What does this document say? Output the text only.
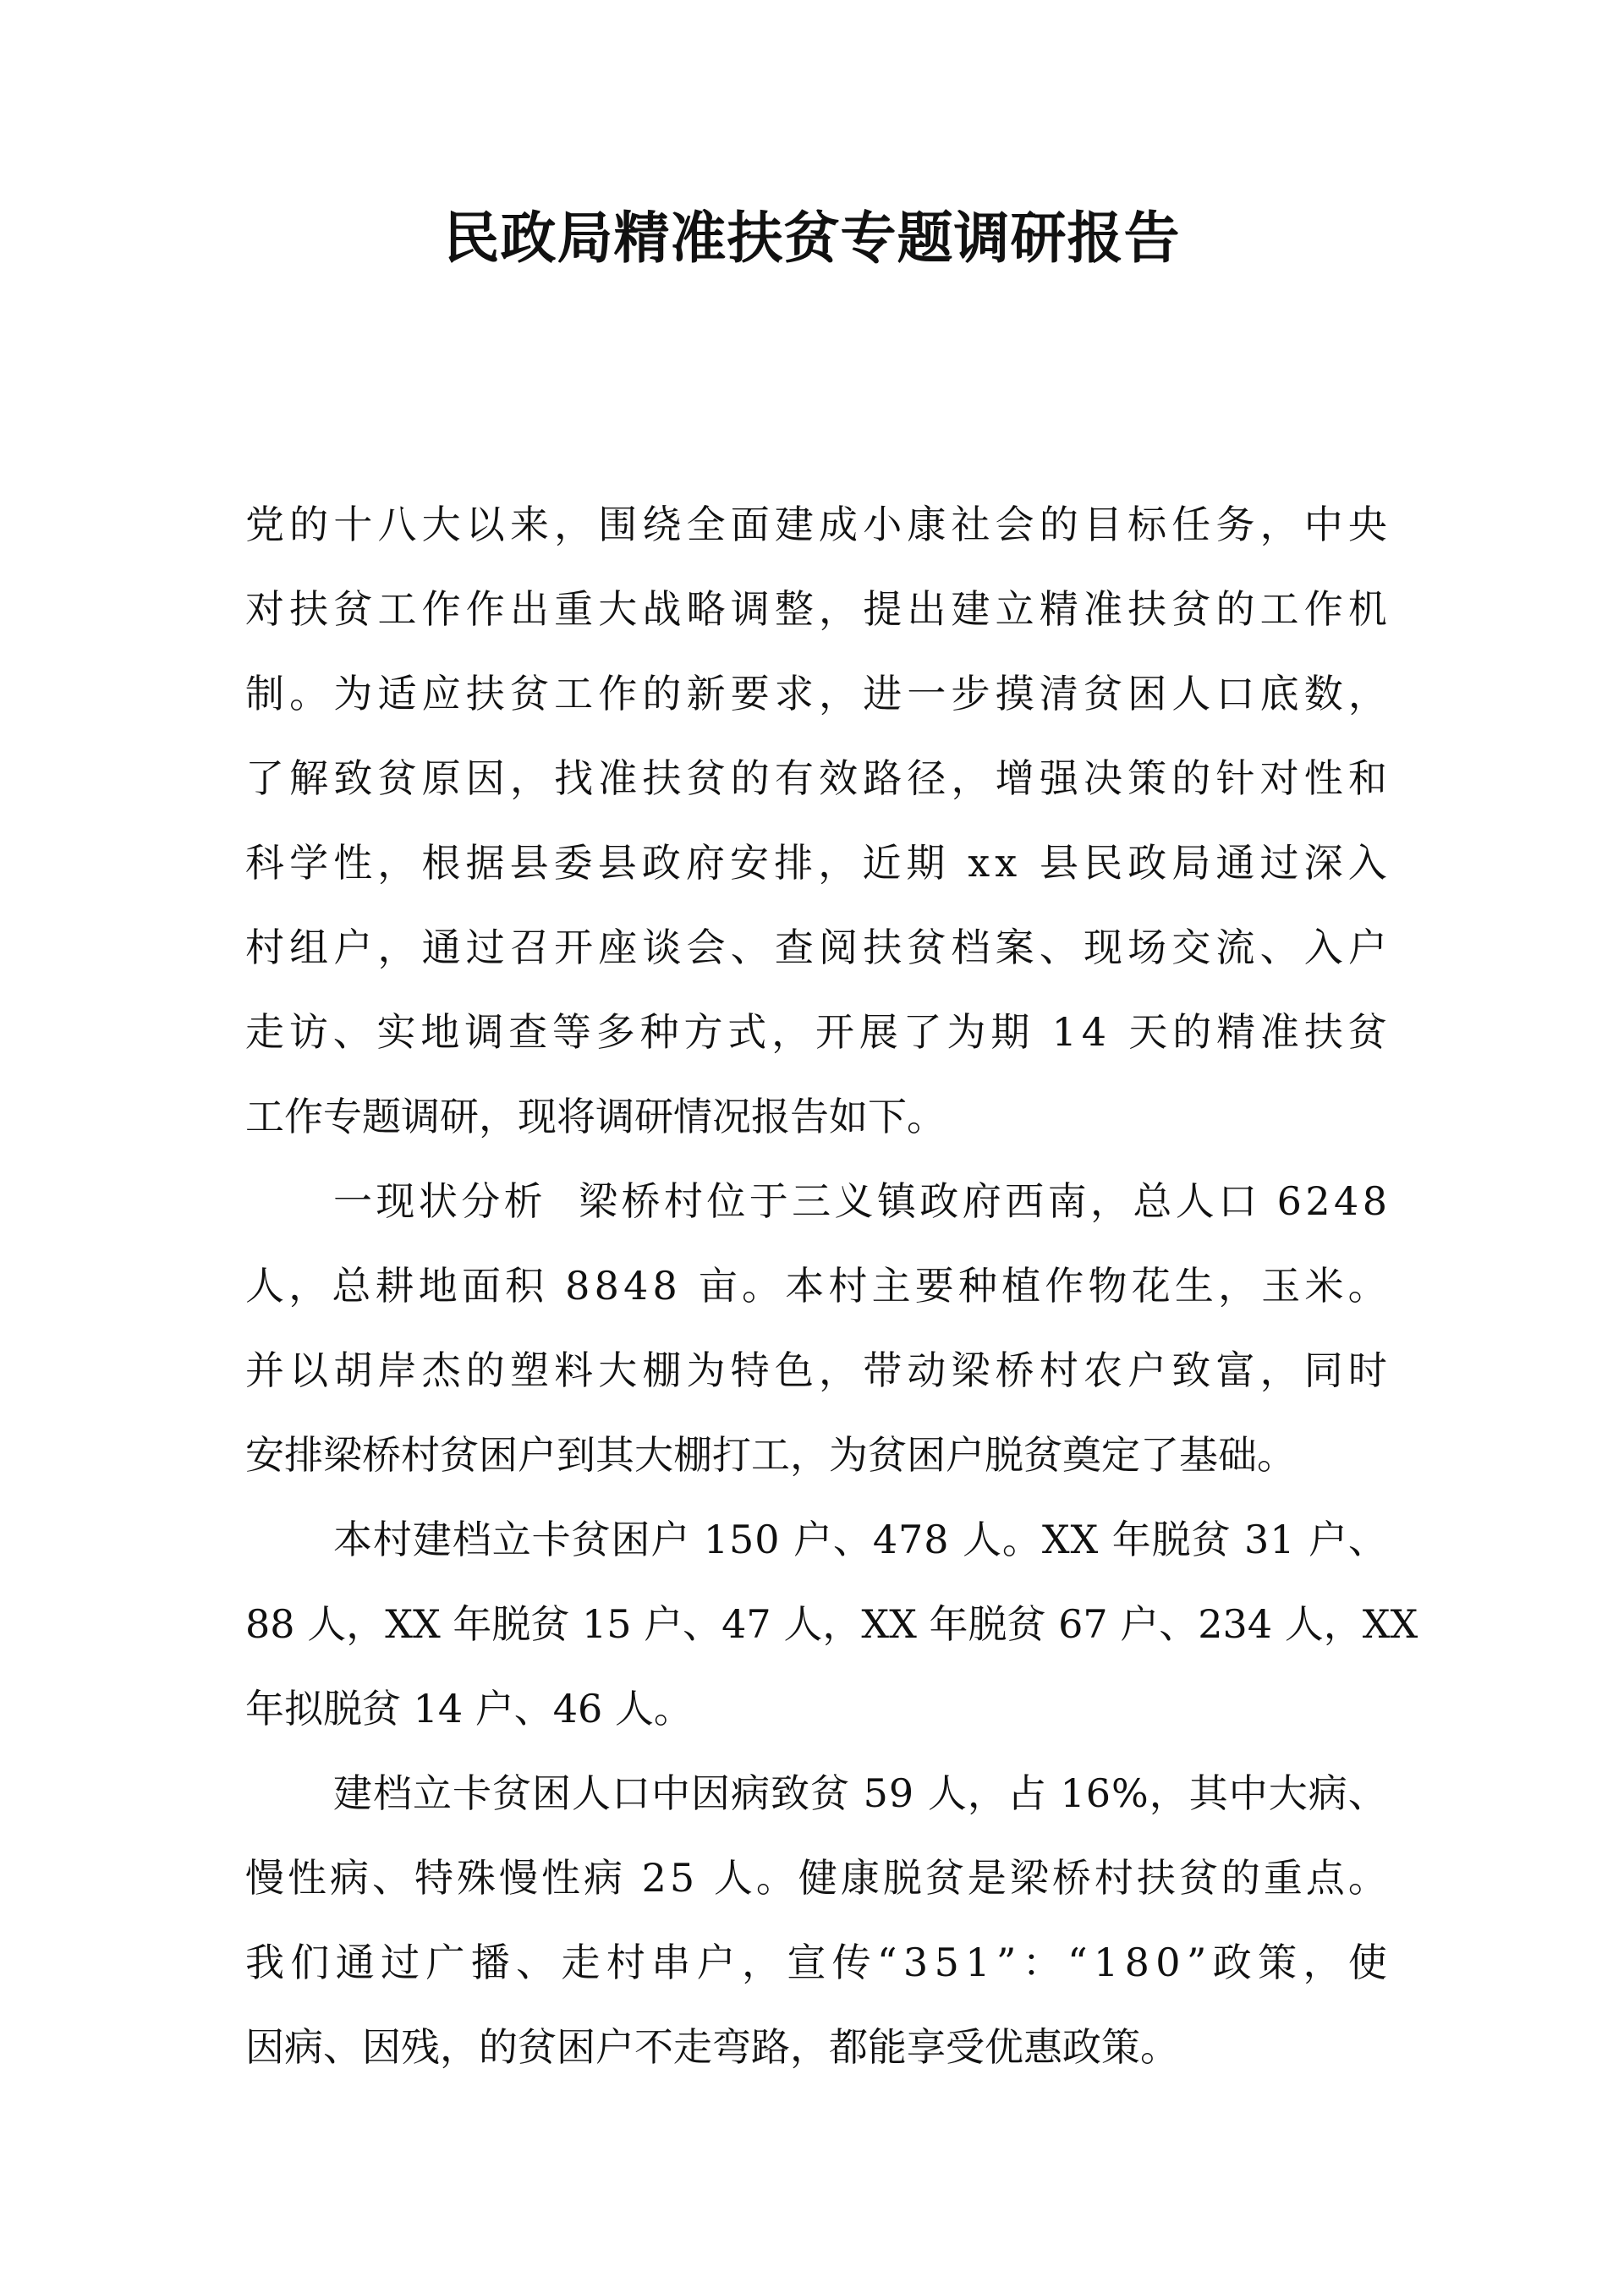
民政局精准扶贫专题调研报告
党 的 十 八 大 以 来 ， 围 绕 全 面 建 成 小 康 社 会 的 目 标 任 务 ， 中 央
对 扶 贫 工 作 作 出 重 大 战 略 调 整 ， 提 出 建 立 精 准 扶 贫 的 工 作 机
制 。 为 适 应 扶 贫 工 作 的 新 要 求 ， 进 一 步 摸 清 贫 困 人 口 底 数 ，
了 解 致 贫 原 因 ， 找 准 扶 贫 的 有 效 路 径 ， 增 强 决 策 的 针 对 性 和
科 学 性 ， 根 据 县 委 县 政 府 安 排 ， 近 期
x x
县 民 政 局 通 过 深 入
村 组 户 ， 通 过 召 开 座 谈 会 、 查 阅 扶 贫 档 案 、 现 场 交 流 、 入 户
走 访 、 实 地 调 查 等 多 种 方 式 ， 开 展 了 为 期
1 4
天 的 精 准 扶 贫
工作专题调研，现将调研情况报告如下。
一 现 状 分 析

梁 桥 村 位 于 三 义 镇 政 府 西 南 ， 总 人 口
6 2 4 8
人 ， 总 耕 地 面 积
8 8 4 8
亩 。 本 村 主 要 种 植 作 物 花 生 ， 玉 米 。
并 以 胡 岸 杰 的 塑 料 大 棚 为 特 色 ， 带 动 梁 桥 村 农 户 致 富 ， 同 时
安排梁桥村贫困户到其大棚打工，为贫困户脱贫奠定了基础。
本 村 建 档 立 卡 贫 困 户
1 5 0
户 、 4 7 8
人 。 X X
年 脱 贫
3 1
户 、
8 8
人 ， X X
年 脱 贫
1 5
户 、 4 7
人 ， X X
年 脱 贫
6 7
户 、 2 3 4
人 ， X X
年拟脱贫 14 户、46 人。
建 档 立 卡 贫 困 人 口 中 因 病 致 贫
5 9
人 ， 占
1 6 % ， 其 中 大 病 、
慢 性 病 、 特 殊 慢 性 病
2 5
人 。 健 康 脱 贫 是 梁 桥 村 扶 贫 的 重 点 。
我 们 通 过 广 播 、 走 村 串 户 ， 宣 传 “ 3 5 1 ” ： “ 1 8 0 ” 政 策 ， 使
因病、因残，的贫困户不走弯路，都能享受优惠政策。
